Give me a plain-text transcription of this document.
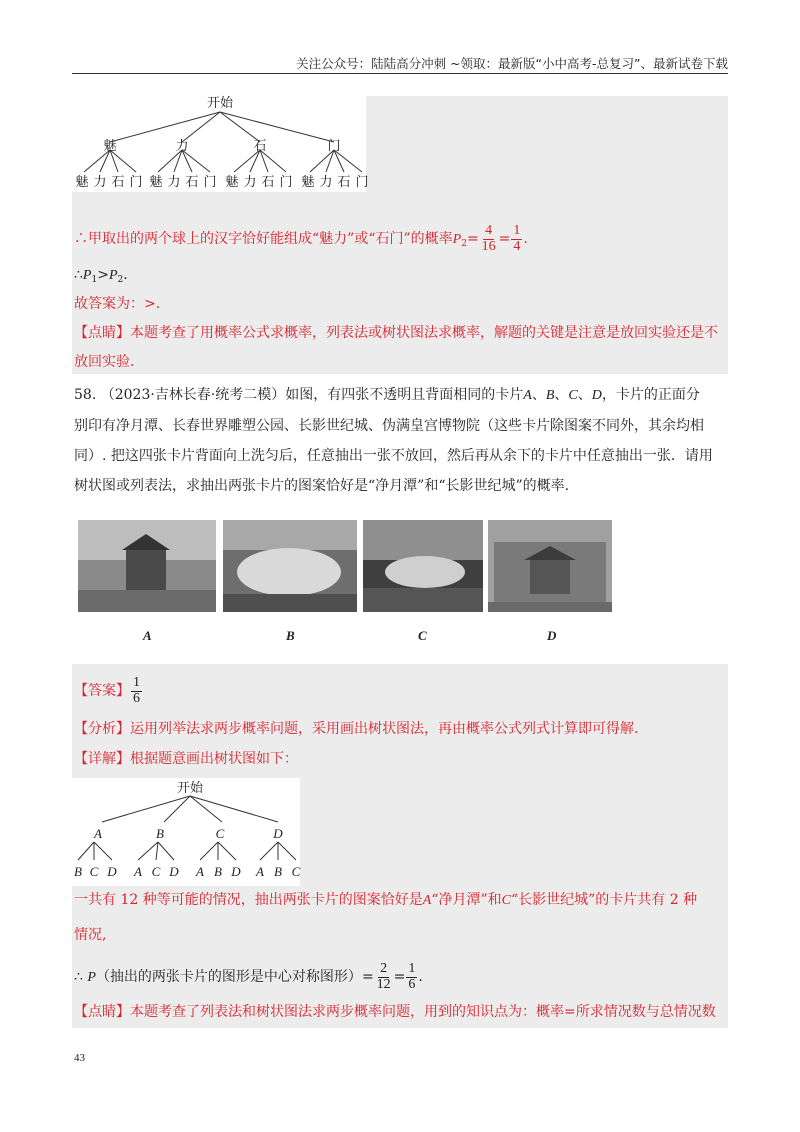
关注公众号：陆陆高分冲刺 ~领取：最新版“小中高考-总复习”、最新试卷下载
开始
魅	力	石	门
魅 力 石 门 魅 力 石 门 魅 力 石 门 魅 力 石 门
∴甲取出的两个球上的汉字恰好能组成“魅力”或“石门”的概率$P_2= \frac{4}{16} = \frac{1}{4}$ .
$\therefore P_1>P_2$.
故答案为：>.
【点睛】本题考查了用概率公式求概率，列表法或树状图法求概率，解题的关键是注意是放回实验还是不
放回实验.
58. （2023·吉林长春·统考二模）如图，有四张不透明且背面相同的卡片A、B、C、D，卡片的正面分
别印有净月潭、长春世界雕塑公园、长影世纪城、伪满皇宫博物院（这些卡片除图案不同外，其余均相
同）. 把这四张卡片背面向上洗匀后，任意抽出一张不放回，然后再从余下的卡片中任意抽出一张．请用
树状图或列表法，求抽出两张卡片的图案恰好是“净月潭”和“长影世纪城”的概率.
A	B	C	D
【答案】 $\frac{1}{6}$
【分析】运用列举法求两步概率问题，采用画出树状图法，再由概率公式列式计算即可得解.
【详解】根据题意画出树状图如下：
开始
A	B	C	D
B C D A C D A B D A B C
一共有 12 种等可能的情况，抽出两张卡片的图案恰好是A“净月潭”和C“长影世纪城”的卡片共有 2 种
情况,
∴ P（抽出的两张卡片的图形是中心对称图形）= $\frac{2}{12} = \frac{1}{6}$ .
【点睛】本题考查了列表法和树状图法求两步概率问题，用到的知识点为：概率=所求情况数与总情况数
43
